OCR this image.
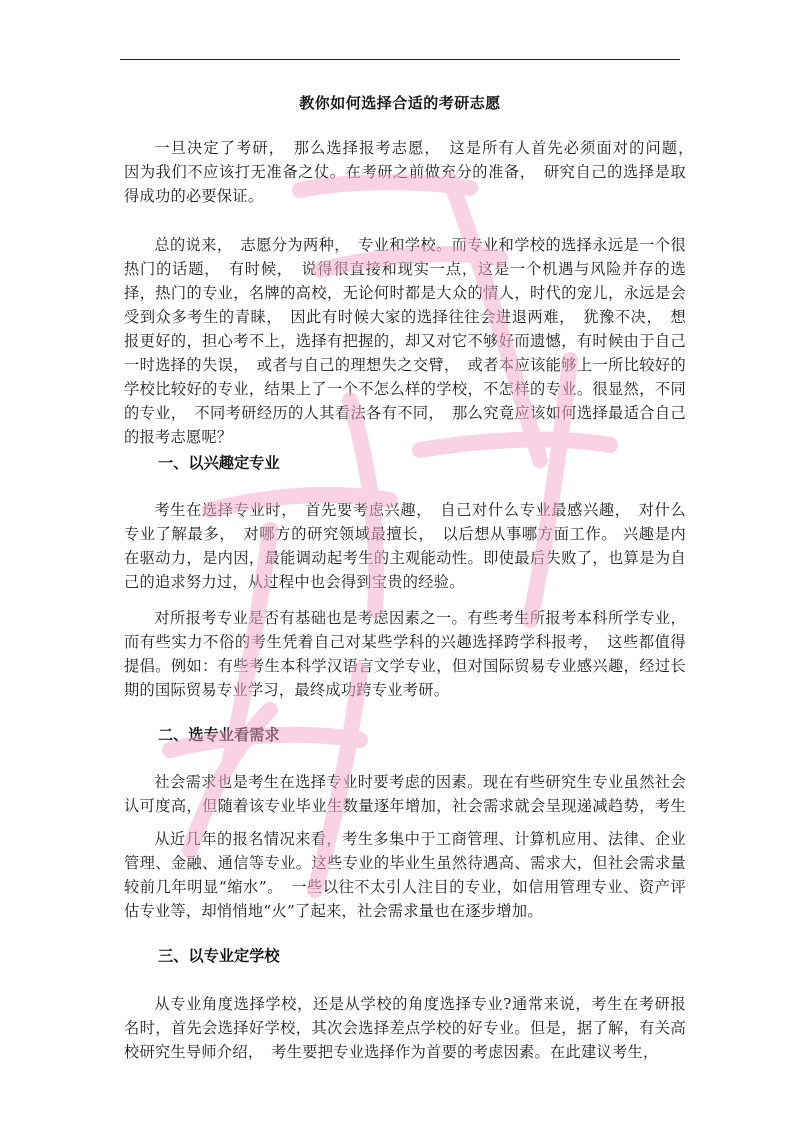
教你如何选择合适的考研志愿

一旦决定了考研，　那么选择报考志愿，　这是所有人首先必须面对的问题，　因为我们不应该打无准备之仗。在考研之前做充分的准备，　研究自己的选择是取得成功的必要保证。

总的说来，　志愿分为两种，　专业和学校。而专业和学校的选择永远是一个很热门的话题，　有时候，　说得很直接和现实一点，这是一个机遇与风险并存的选择，热门的专业，名牌的高校，无论何时都是大众的情人，时代的宠儿，永远是会受到众多考生的青睐，　因此有时候大家的选择往往会进退两难，　犹豫不决，　想报更好的，担心考不上，选择有把握的，却又对它不够好而遗憾，有时候由于自己一时选择的失误，　或者与自己的理想失之交臂，　或者本应该能够上一所比较好的学校比较好的专业，结果上了一个不怎么样的学校，不怎样的专业。很显然，不同的专业，　不同考研经历的人其看法各有不同，　那么究竟应该如何选择最适合自己的报考志愿呢？

一、以兴趣定专业

考生在选择专业时，　首先要考虑兴趣，　自己对什么专业最感兴趣，　对什么专业了解最多，　对哪方的研究领域最擅长，　以后想从事哪方面工作。 兴趣是内在驱动力，是内因，最能调动起考生的主观能动性。即使最后失败了，也算是为自己的追求努力过，从过程中也会得到宝贵的经验。

对所报考专业是否有基础也是考虑因素之一。有些考生所报考本科所学专业，而有些实力不俗的考生凭着自己对某些学科的兴趣选择跨学科报考，　这些都值得提倡。例如：有些考生本科学汉语言文学专业，但对国际贸易专业感兴趣，经过长期的国际贸易专业学习，最终成功跨专业考研。

二、选专业看需求

社会需求也是考生在选择专业时要考虑的因素。现在有些研究生专业虽然社会认可度高，但随着该专业毕业生数量逐年增加，社会需求就会呈现递减趋势，考生

从近几年的报名情况来看，考生多集中于工商管理、计算机应用、法律、企业管理、金融、通信等专业。这些专业的毕业生虽然待遇高、需求大，但社会需求量较前几年明显“缩水”。　一些以往不太引人注目的专业，如信用管理专业、资产评估专业等，却悄悄地“火”了起来，社会需求量也在逐步增加。

三、以专业定学校

从专业角度选择学校，还是从学校的角度选择专业?通常来说，考生在考研报名时，首先会选择好学校，其次会选择差点学校的好专业。但是，据了解，有关高校研究生导师介绍，　考生要把专业选择作为首要的考虑因素。在此建议考生，
